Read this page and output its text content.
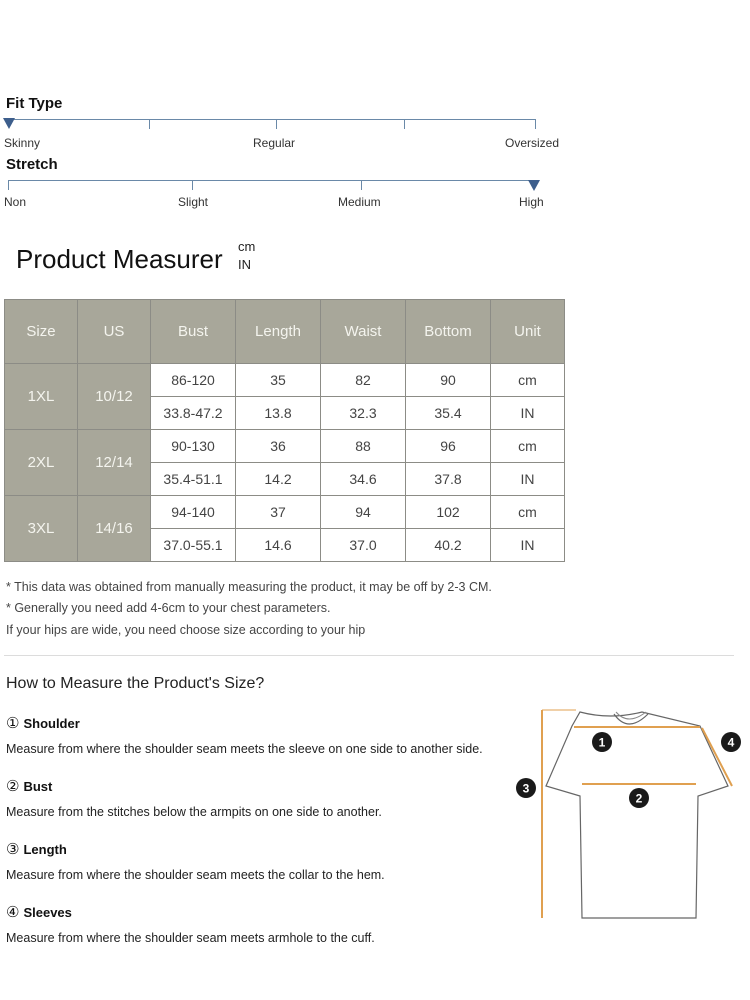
Fit Type
Skinny	Regular	Oversized
Stretch
Non	Slight	Medium	High
Product Measurer cm
IN
Size	US	Bust	Length	Waist	Bottom	Unit
1XL	10/12	86-120	35	82	90	cm
		33.8-47.2	13.8	32.3	35.4	IN
2XL	12/14	90-130	36	88	96	cm
		35.4-51.1	14.2	34.6	37.8	IN
3XL	14/16	94-140	37	94	102	cm
		37.0-55.1	14.6	37.0	40.2	IN
* This data was obtained from manually measuring the product, it may be off by 2-3 CM.
* Generally you need add 4-6cm to your chest parameters.
If your hips are wide, you need choose size according to your hip
How to Measure the Product's Size?
① Shoulder
Measure from where the shoulder seam meets the sleeve on one side to another side.
② Bust
Measure from the stitches below the armpits on one side to another.
③ Length
Measure from where the shoulder seam meets the collar to the hem.
④ Sleeves
Measure from where the shoulder seam meets armhole to the cuff.
1
2
3
4
